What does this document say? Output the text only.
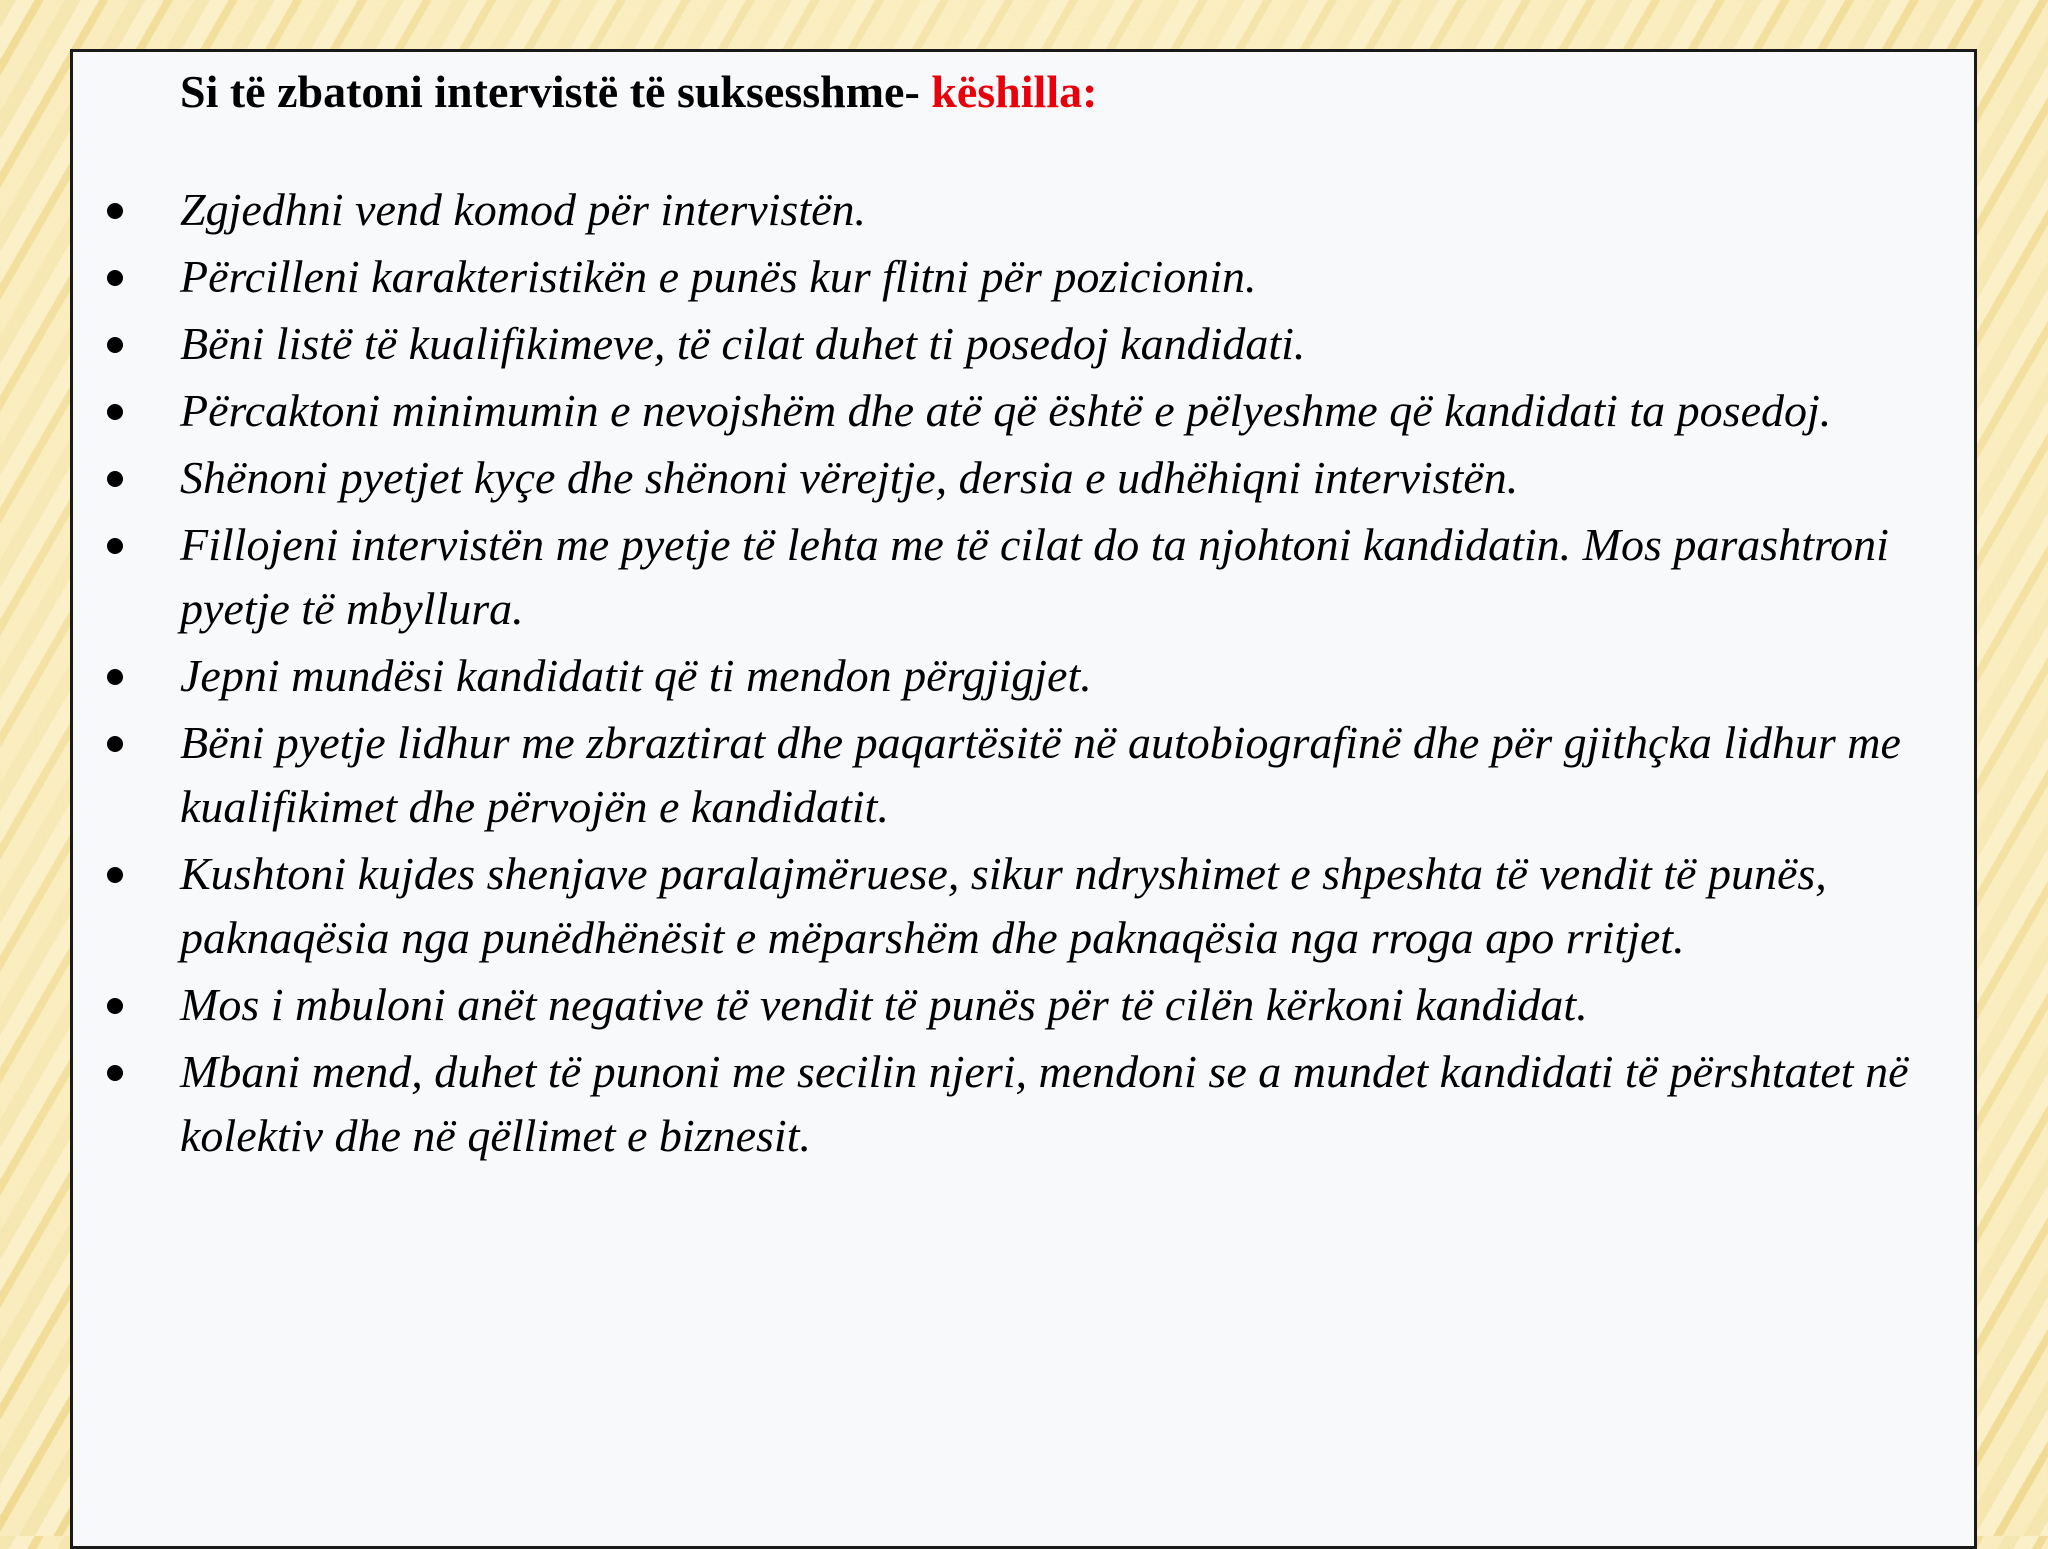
Si të zbatoni intervistë të suksesshme- këshilla:
Zgjedhni vend komod për intervistën.
Përcilleni karakteristikën e punës kur flitni për pozicionin.
Bëni listë të kualifikimeve, të cilat duhet ti posedoj kandidati.
Përcaktoni minimumin e nevojshëm dhe atë që është e pëlyeshme që kandidati ta posedoj.
Shënoni pyetjet kyçe dhe shënoni vërejtje, dersia e udhëhiqni intervistën.
Fillojeni intervistën me pyetje të lehta me të cilat do ta njohtoni kandidatin. Mos parashtroni pyetje të mbyllura.
Jepni mundësi kandidatit që ti mendon përgjigjet.
Bëni pyetje lidhur me zbraztirat dhe paqartësitë në autobiografinë dhe për gjithçka lidhur me kualifikimet dhe përvojën e kandidatit.
Kushtoni kujdes shenjave paralajmëruese, sikur ndryshimet e shpeshta të vendit të punës, paknaqësia nga punëdhënësit e mëparshëm dhe paknaqësia nga rroga apo rritjet.
Mos i mbuloni anët negative të vendit të punës për të cilën kërkoni kandidat.
Mbani mend, duhet të punoni me secilin njeri, mendoni se a mundet kandidati të përshtatet në kolektiv dhe në qëllimet e biznesit.
